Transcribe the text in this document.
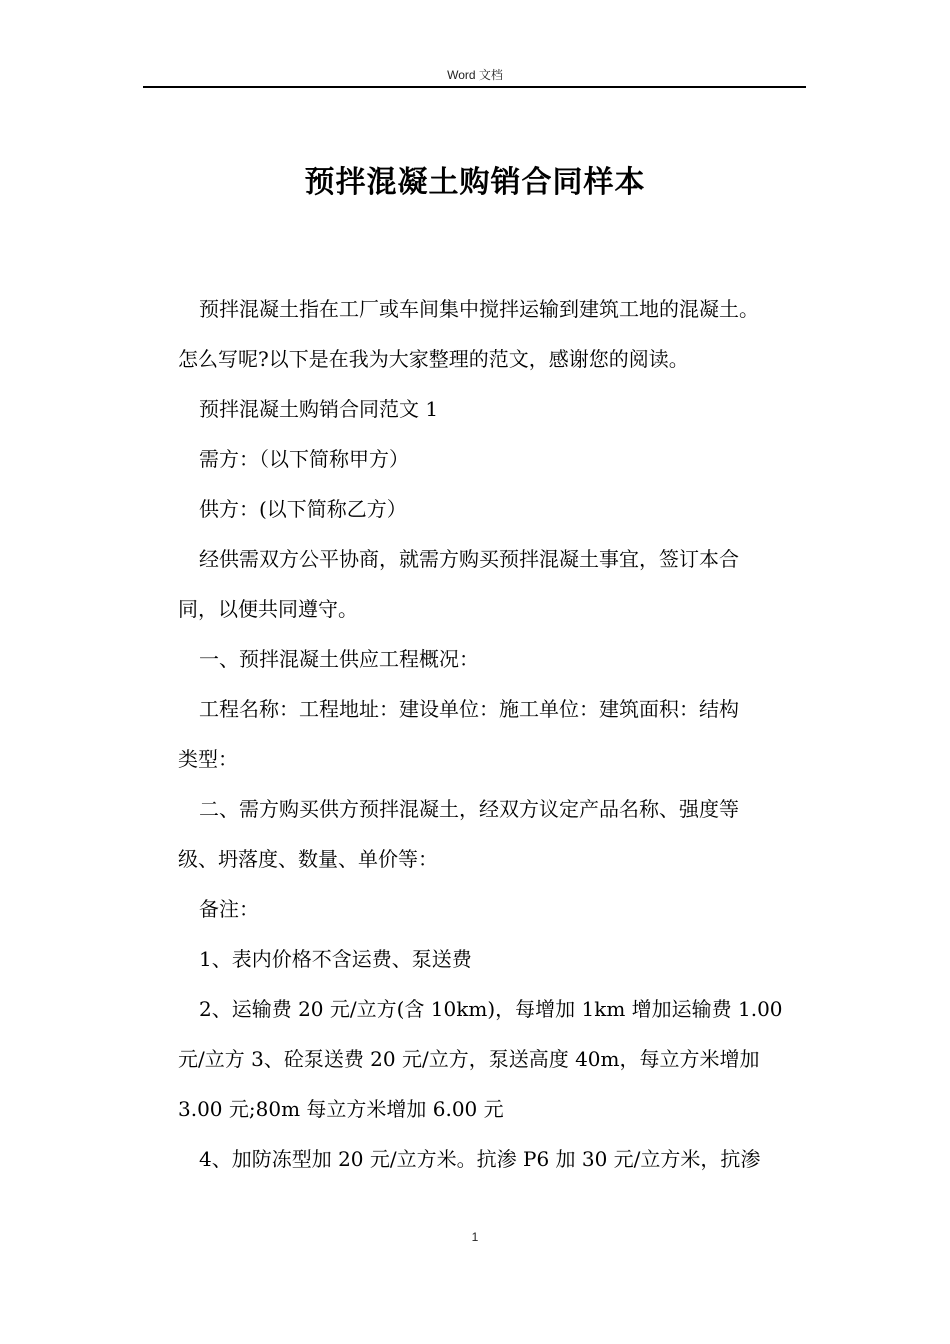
Word 文档
预拌混凝土购销合同样本
预拌混凝土指在工厂或车间集中搅拌运输到建筑工地的混凝土。
怎么写呢?以下是在我为大家整理的范文，感谢您的阅读。
预拌混凝土购销合同范文 1
需方：（以下简称甲方）
供方：(以下简称乙方）
经供需双方公平协商，就需方购买预拌混凝土事宜，签订本合
同，以便共同遵守。
一、预拌混凝土供应工程概况：
工程名称：工程地址：建设单位：施工单位：建筑面积：结构
类型：
二、需方购买供方预拌混凝土，经双方议定产品名称、强度等
级、坍落度、数量、单价等：
备注：
1、表内价格不含运费、泵送费
2、运输费 20 元/立方(含 10km)，每增加 1km 增加运输费 1.00
元/立方 3、砼泵送费 20 元/立方，泵送高度 40m，每立方米增加
3.00 元;80m 每立方米增加 6.00 元
4、加防冻型加 20 元/立方米。抗渗 P6 加 30 元/立方米，抗渗
1
